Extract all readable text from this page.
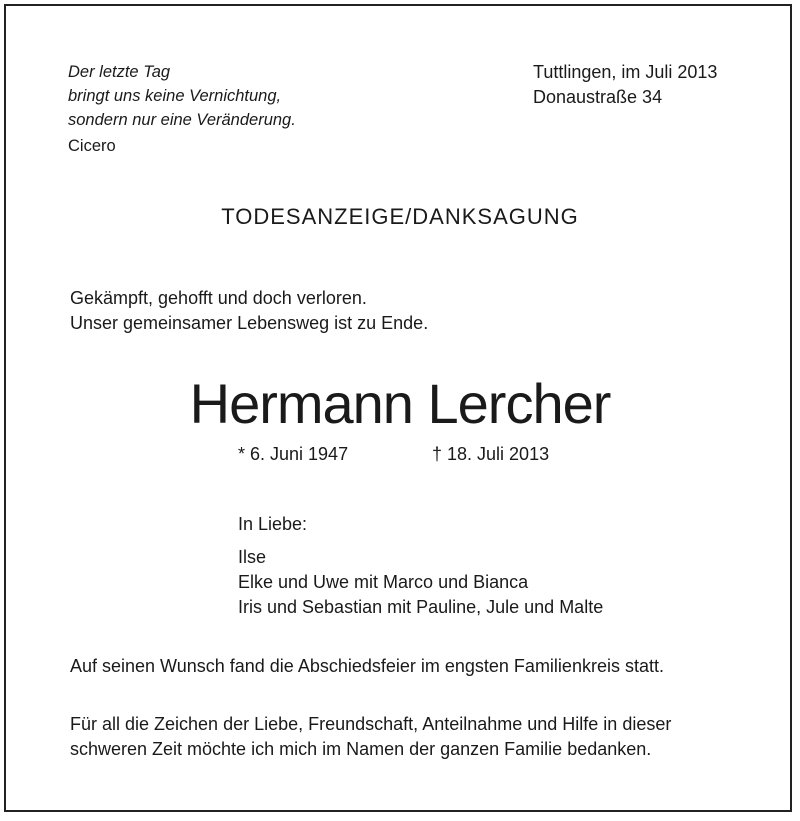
Der letzte Tag
bringt uns keine Vernichtung,
sondern nur eine Veränderung.
Cicero
Tuttlingen, im Juli 2013
Donaustraße 34
TODESANZEIGE/DANKSAGUNG
Gekämpft, gehofft und doch verloren.
Unser gemeinsamer Lebensweg ist zu Ende.
Hermann Lercher
* 6. Juni 1947	† 18. Juli 2013
In Liebe:
Ilse
Elke und Uwe mit Marco und Bianca
Iris und Sebastian mit Pauline, Jule und Malte
Auf seinen Wunsch fand die Abschiedsfeier im engsten Familienkreis statt.
Für all die Zeichen der Liebe, Freundschaft, Anteilnahme und Hilfe in dieser
schweren Zeit möchte ich mich im Namen der ganzen Familie bedanken.
